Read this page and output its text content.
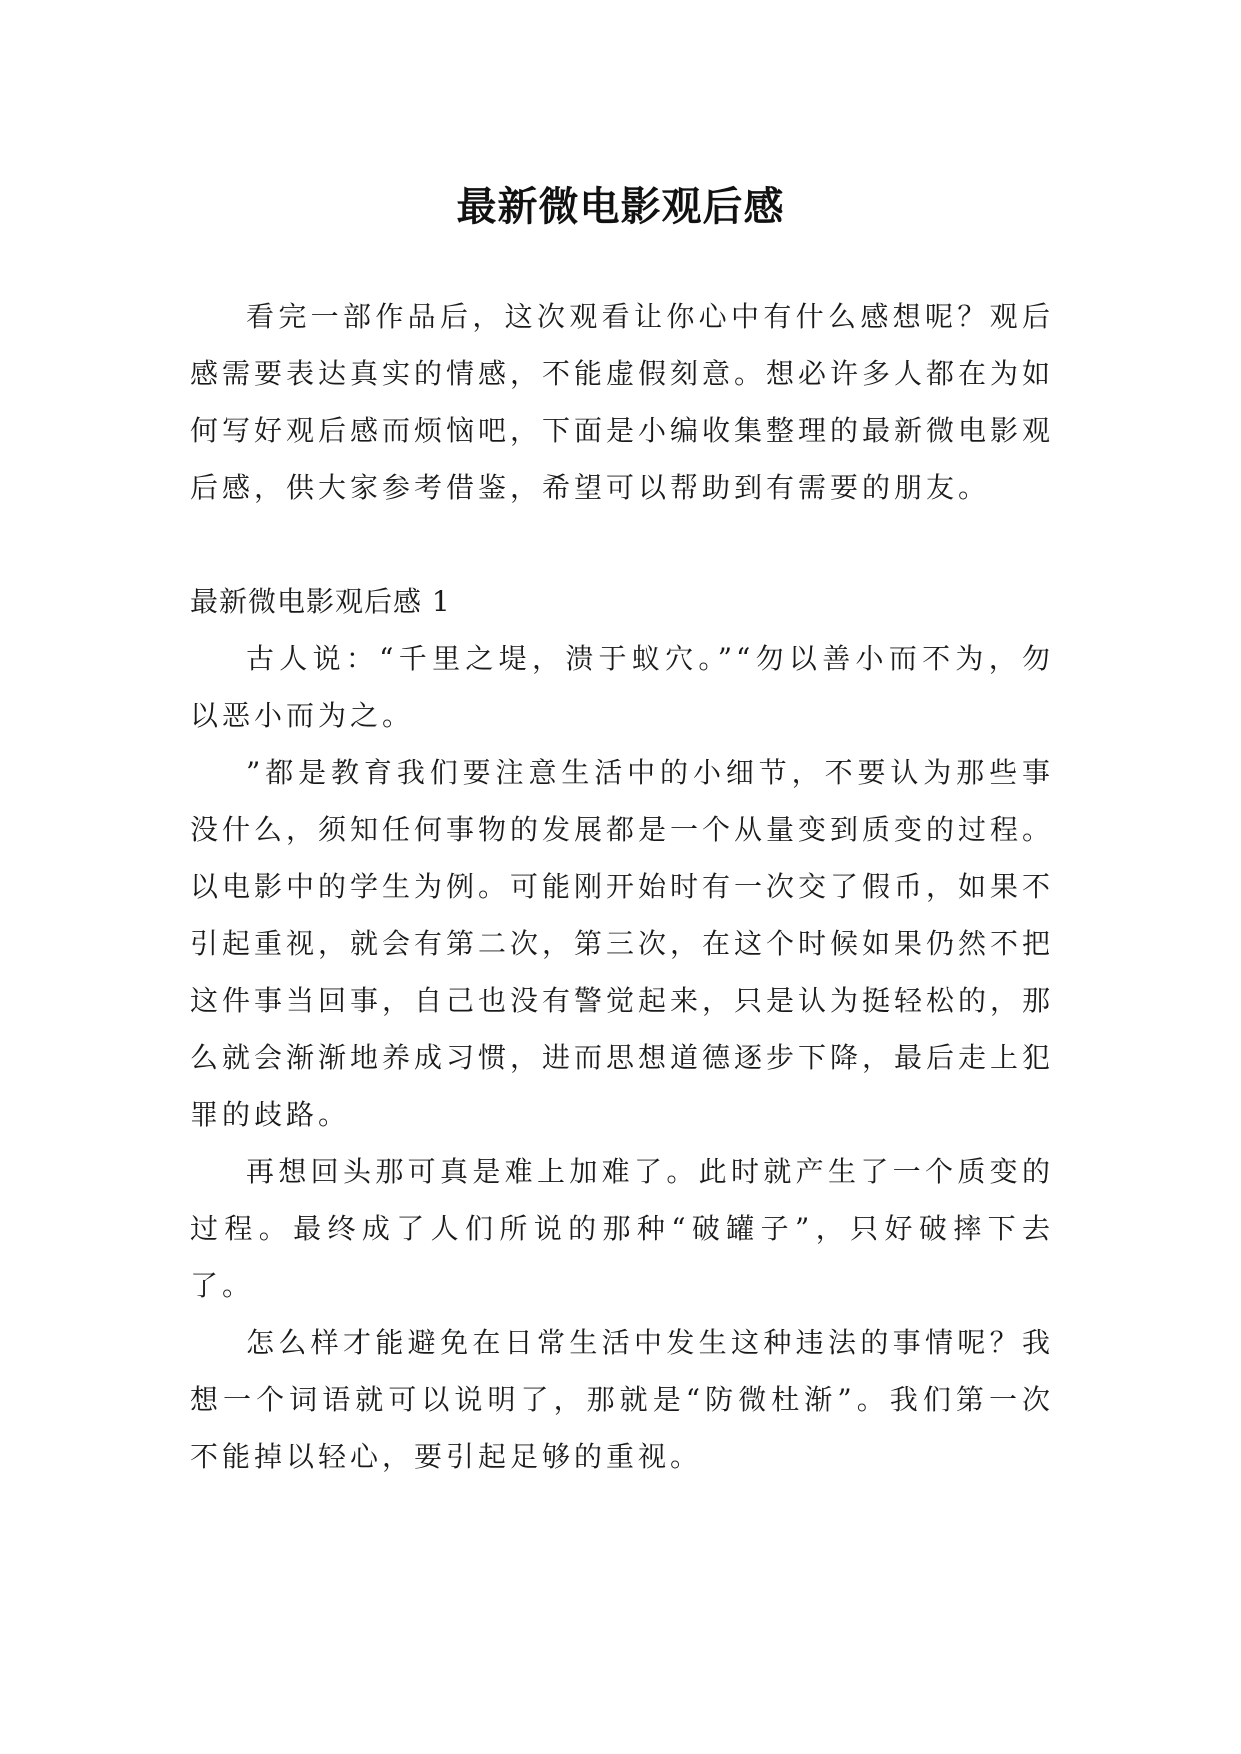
最新微电影观后感

看完一部作品后，这次观看让你心中有什么感想呢？观后感需要表达真实的情感，不能虚假刻意。想必许多人都在为如何写好观后感而烦恼吧，下面是小编收集整理的最新微电影观后感，供大家参考借鉴，希望可以帮助到有需要的朋友。

最新微电影观后感 1

古人说：“千里之堤，溃于蚁穴。”“勿以善小而不为，勿以恶小而为之。

”都是教育我们要注意生活中的小细节，不要认为那些事没什么，须知任何事物的发展都是一个从量变到质变的过程。以电影中的学生为例。可能刚开始时有一次交了假币，如果不引起重视，就会有第二次，第三次，在这个时候如果仍然不把这件事当回事，自己也没有警觉起来，只是认为挺轻松的，那么就会渐渐地养成习惯，进而思想道德逐步下降，最后走上犯罪的歧路。

再想回头那可真是难上加难了。此时就产生了一个质变的过程。最终成了人们所说的那种“破罐子”，只好破摔下去了。

怎么样才能避免在日常生活中发生这种违法的事情呢？我想一个词语就可以说明了，那就是“防微杜渐”。我们第一次不能掉以轻心，要引起足够的重视。
